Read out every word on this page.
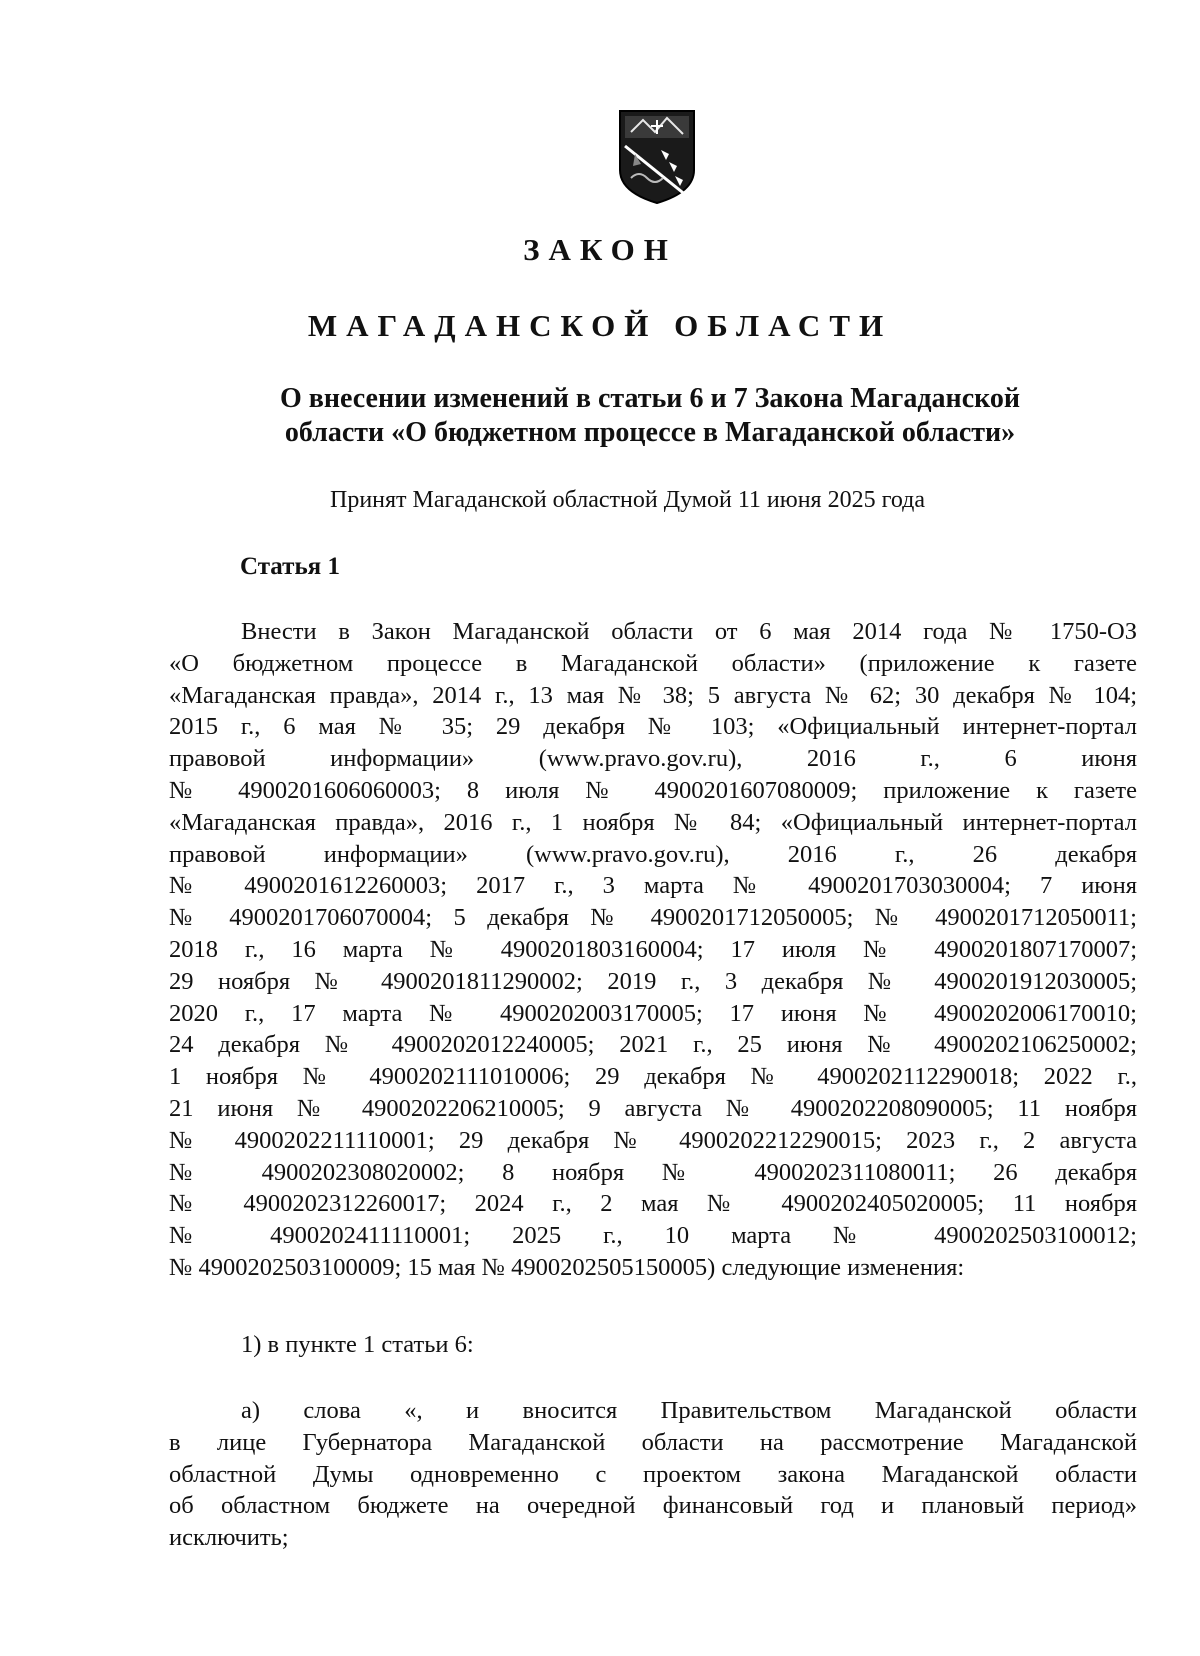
ЗАКОН
МАГАДАНСКОЙ ОБЛАСТИ
О внесении изменений в статьи 6 и 7 Закона Магаданской
области «О бюджетном процессе в Магаданской области»
Принят Магаданской областной Думой 11 июня 2025 года
Статья 1
Внести в Закон Магаданской области от 6 мая 2014 года № 1750-ОЗ
«О бюджетном процессе в Магаданской области» (приложение к газете
«Магаданская правда», 2014 г., 13 мая № 38; 5 августа № 62; 30 декабря № 104;
2015 г., 6 мая № 35; 29 декабря № 103; «Официальный интернет-портал
правовой информации» (www.pravo.gov.ru), 2016 г., 6 июня
№ 4900201606060003; 8 июля № 4900201607080009; приложение к газете
«Магаданская правда», 2016 г., 1 ноября № 84; «Официальный интернет-портал
правовой информации» (www.pravo.gov.ru), 2016 г., 26 декабря
№ 4900201612260003; 2017 г., 3 марта № 4900201703030004; 7 июня
№ 4900201706070004; 5 декабря № 4900201712050005; № 4900201712050011;
2018 г., 16 марта № 4900201803160004; 17 июля № 4900201807170007;
29 ноября № 4900201811290002; 2019 г., 3 декабря № 4900201912030005;
2020 г., 17 марта № 4900202003170005; 17 июня № 4900202006170010;
24 декабря № 4900202012240005; 2021 г., 25 июня № 4900202106250002;
1 ноября № 4900202111010006; 29 декабря № 4900202112290018; 2022 г.,
21 июня № 4900202206210005; 9 августа № 4900202208090005; 11 ноября
№ 4900202211110001; 29 декабря № 4900202212290015; 2023 г., 2 августа
№ 4900202308020002; 8 ноября № 4900202311080011; 26 декабря
№ 4900202312260017; 2024 г., 2 мая № 4900202405020005; 11 ноября
№ 4900202411110001; 2025 г., 10 марта № 4900202503100012;
№ 4900202503100009; 15 мая № 4900202505150005) следующие изменения:
1) в пункте 1 статьи 6:
а) слова «, и вносится Правительством Магаданской области
в лице Губернатора Магаданской области на рассмотрение Магаданской
областной Думы одновременно с проектом закона Магаданской области
об областном бюджете на очередной финансовый год и плановый период»
исключить;
